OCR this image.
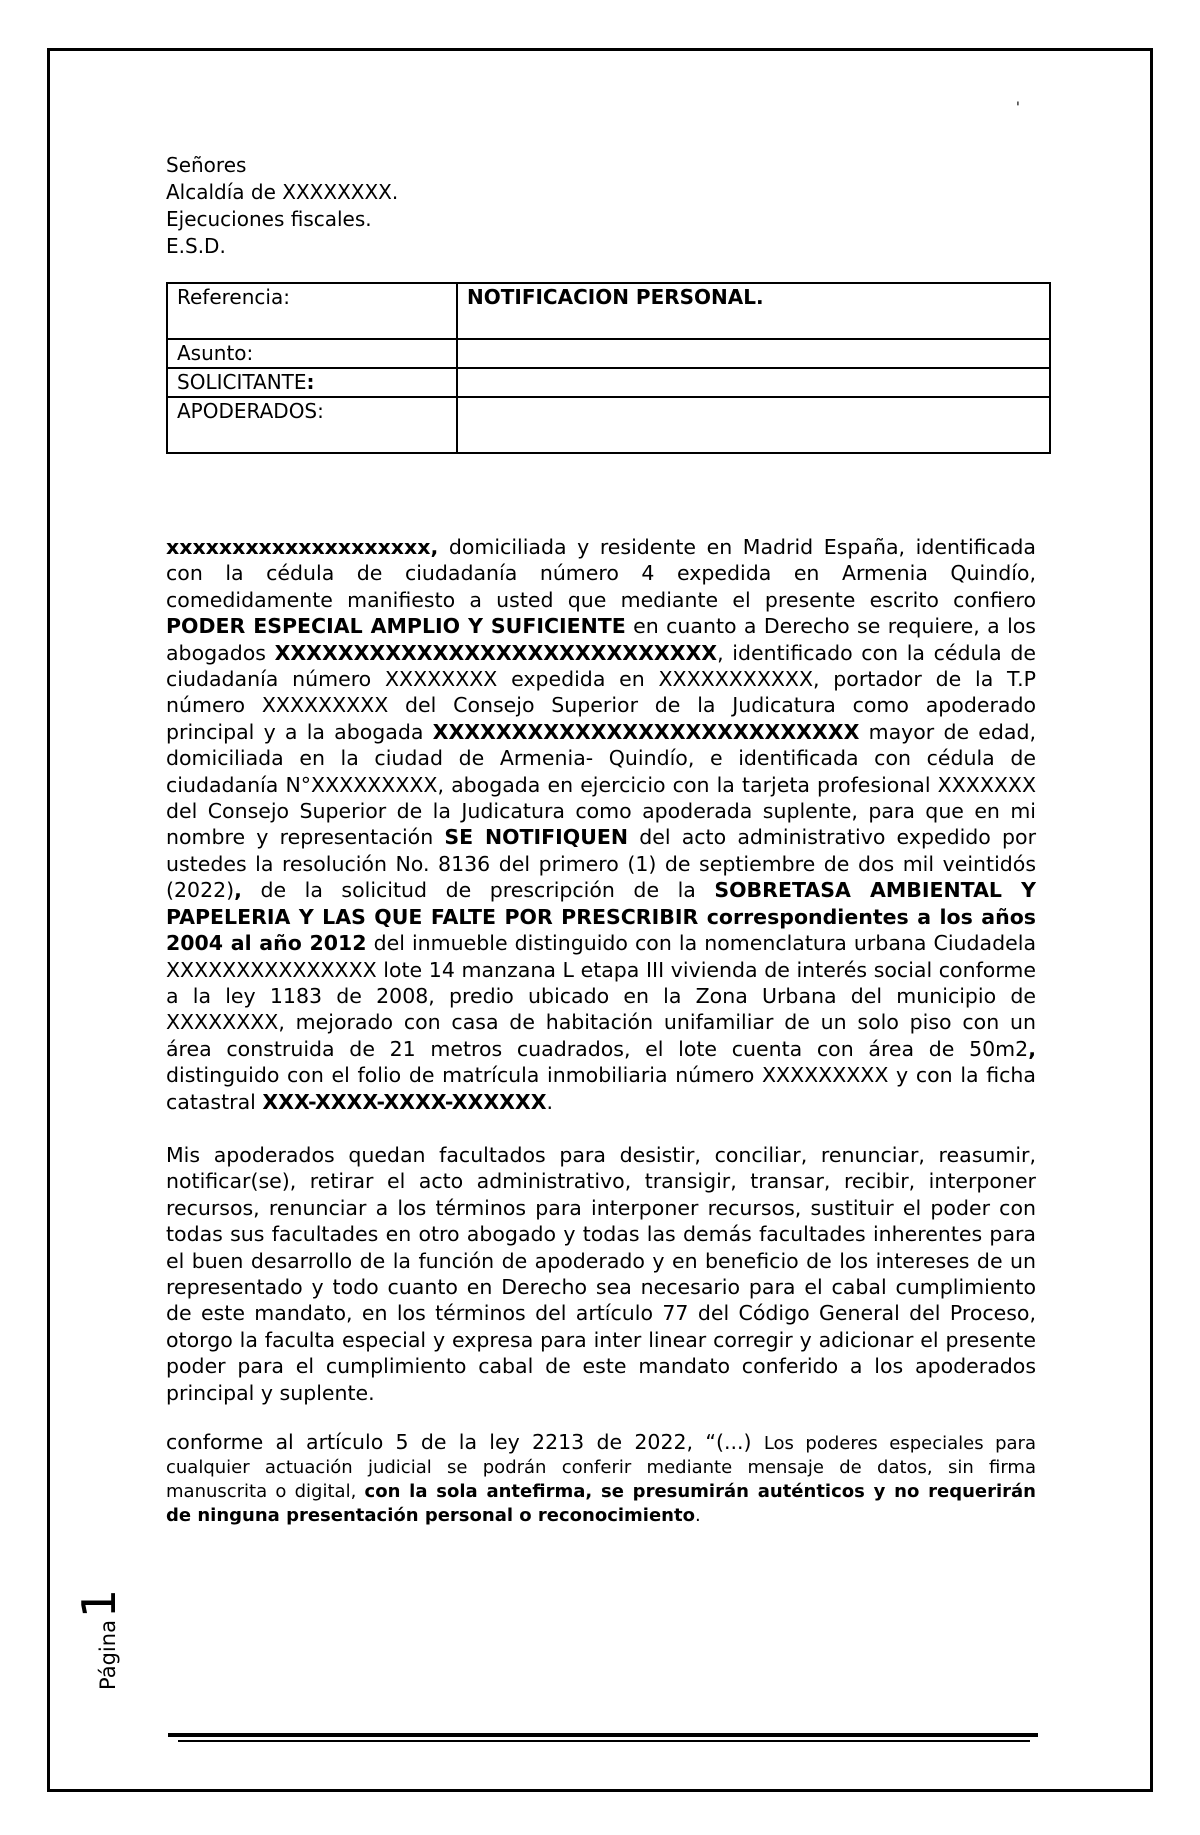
'
Señores
Alcaldía de XXXXXXXX.
Ejecuciones fiscales.
E.S.D.
Referencia:	NOTIFICACION PERSONAL.
Asunto:	
SOLICITANTE:	
APODERADOS:	
xxxxxxxxxxxxxxxxxxxx, domiciliada y residente en Madrid España, identificada con la cédula de ciudadanía número 4 expedida en Armenia Quindío, comedidamente manifiesto a usted que mediante el presente escrito confiero PODER ESPECIAL AMPLIO Y SUFICIENTE en cuanto a Derecho se requiere, a los abogados XXXXXXXXXXXXXXXXXXXXXXXXXXXX, identificado con la cédula de ciudadanía número XXXXXXXX expedida en XXXXXXXXXXX, portador de la T.P número XXXXXXXXX del Consejo Superior de la Judicatura como apoderado principal y a la abogada XXXXXXXXXXXXXXXXXXXXXXXXXXX mayor de edad, domiciliada en la ciudad de Armenia- Quindío, e identificada con cédula de ciudadanía N°XXXXXXXXX, abogada en ejercicio con la tarjeta profesional XXXXXXX del Consejo Superior de la Judicatura como apoderada suplente, para que en mi nombre y representación SE NOTIFIQUEN del acto administrativo expedido por ustedes la resolución No. 8136 del primero (1) de septiembre de dos mil veintidós (2022), de la solicitud de prescripción de la SOBRETASA AMBIENTAL Y PAPELERIA Y LAS QUE FALTE POR PRESCRIBIR correspondientes a los años 2004 al año 2012 del inmueble distinguido con la nomenclatura urbana Ciudadela XXXXXXXXXXXXXXX lote 14 manzana L etapa III vivienda de interés social conforme a la ley 1183 de 2008, predio ubicado en la Zona Urbana del municipio de XXXXXXXX, mejorado con casa de habitación unifamiliar de un solo piso con un área construida de 21 metros cuadrados, el lote cuenta con área de 50m2, distinguido con el folio de matrícula inmobiliaria número XXXXXXXXX y con la ficha catastral XXX-XXXX-XXXX-XXXXXX.
Mis apoderados quedan facultados para desistir, conciliar, renunciar, reasumir, notificar(se), retirar el acto administrativo, transigir, transar, recibir, interponer recursos, renunciar a los términos para interponer recursos, sustituir el poder con todas sus facultades en otro abogado y todas las demás facultades inherentes para el buen desarrollo de la función de apoderado y en beneficio de los intereses de un representado y todo cuanto en Derecho sea necesario para el cabal cumplimiento de este mandato, en los términos del artículo 77 del Código General del Proceso, otorgo la faculta especial y expresa para inter linear corregir y adicionar el presente poder para el cumplimiento cabal de este mandato conferido a los apoderados principal y suplente.
conforme al artículo 5 de la ley 2213 de 2022, “(...) Los poderes especiales para cualquier actuación judicial se podrán conferir mediante mensaje de datos, sin firma manuscrita o digital, con la sola antefirma, se presumirán auténticos y no requerirán de ninguna presentación personal o reconocimiento.
Página1
